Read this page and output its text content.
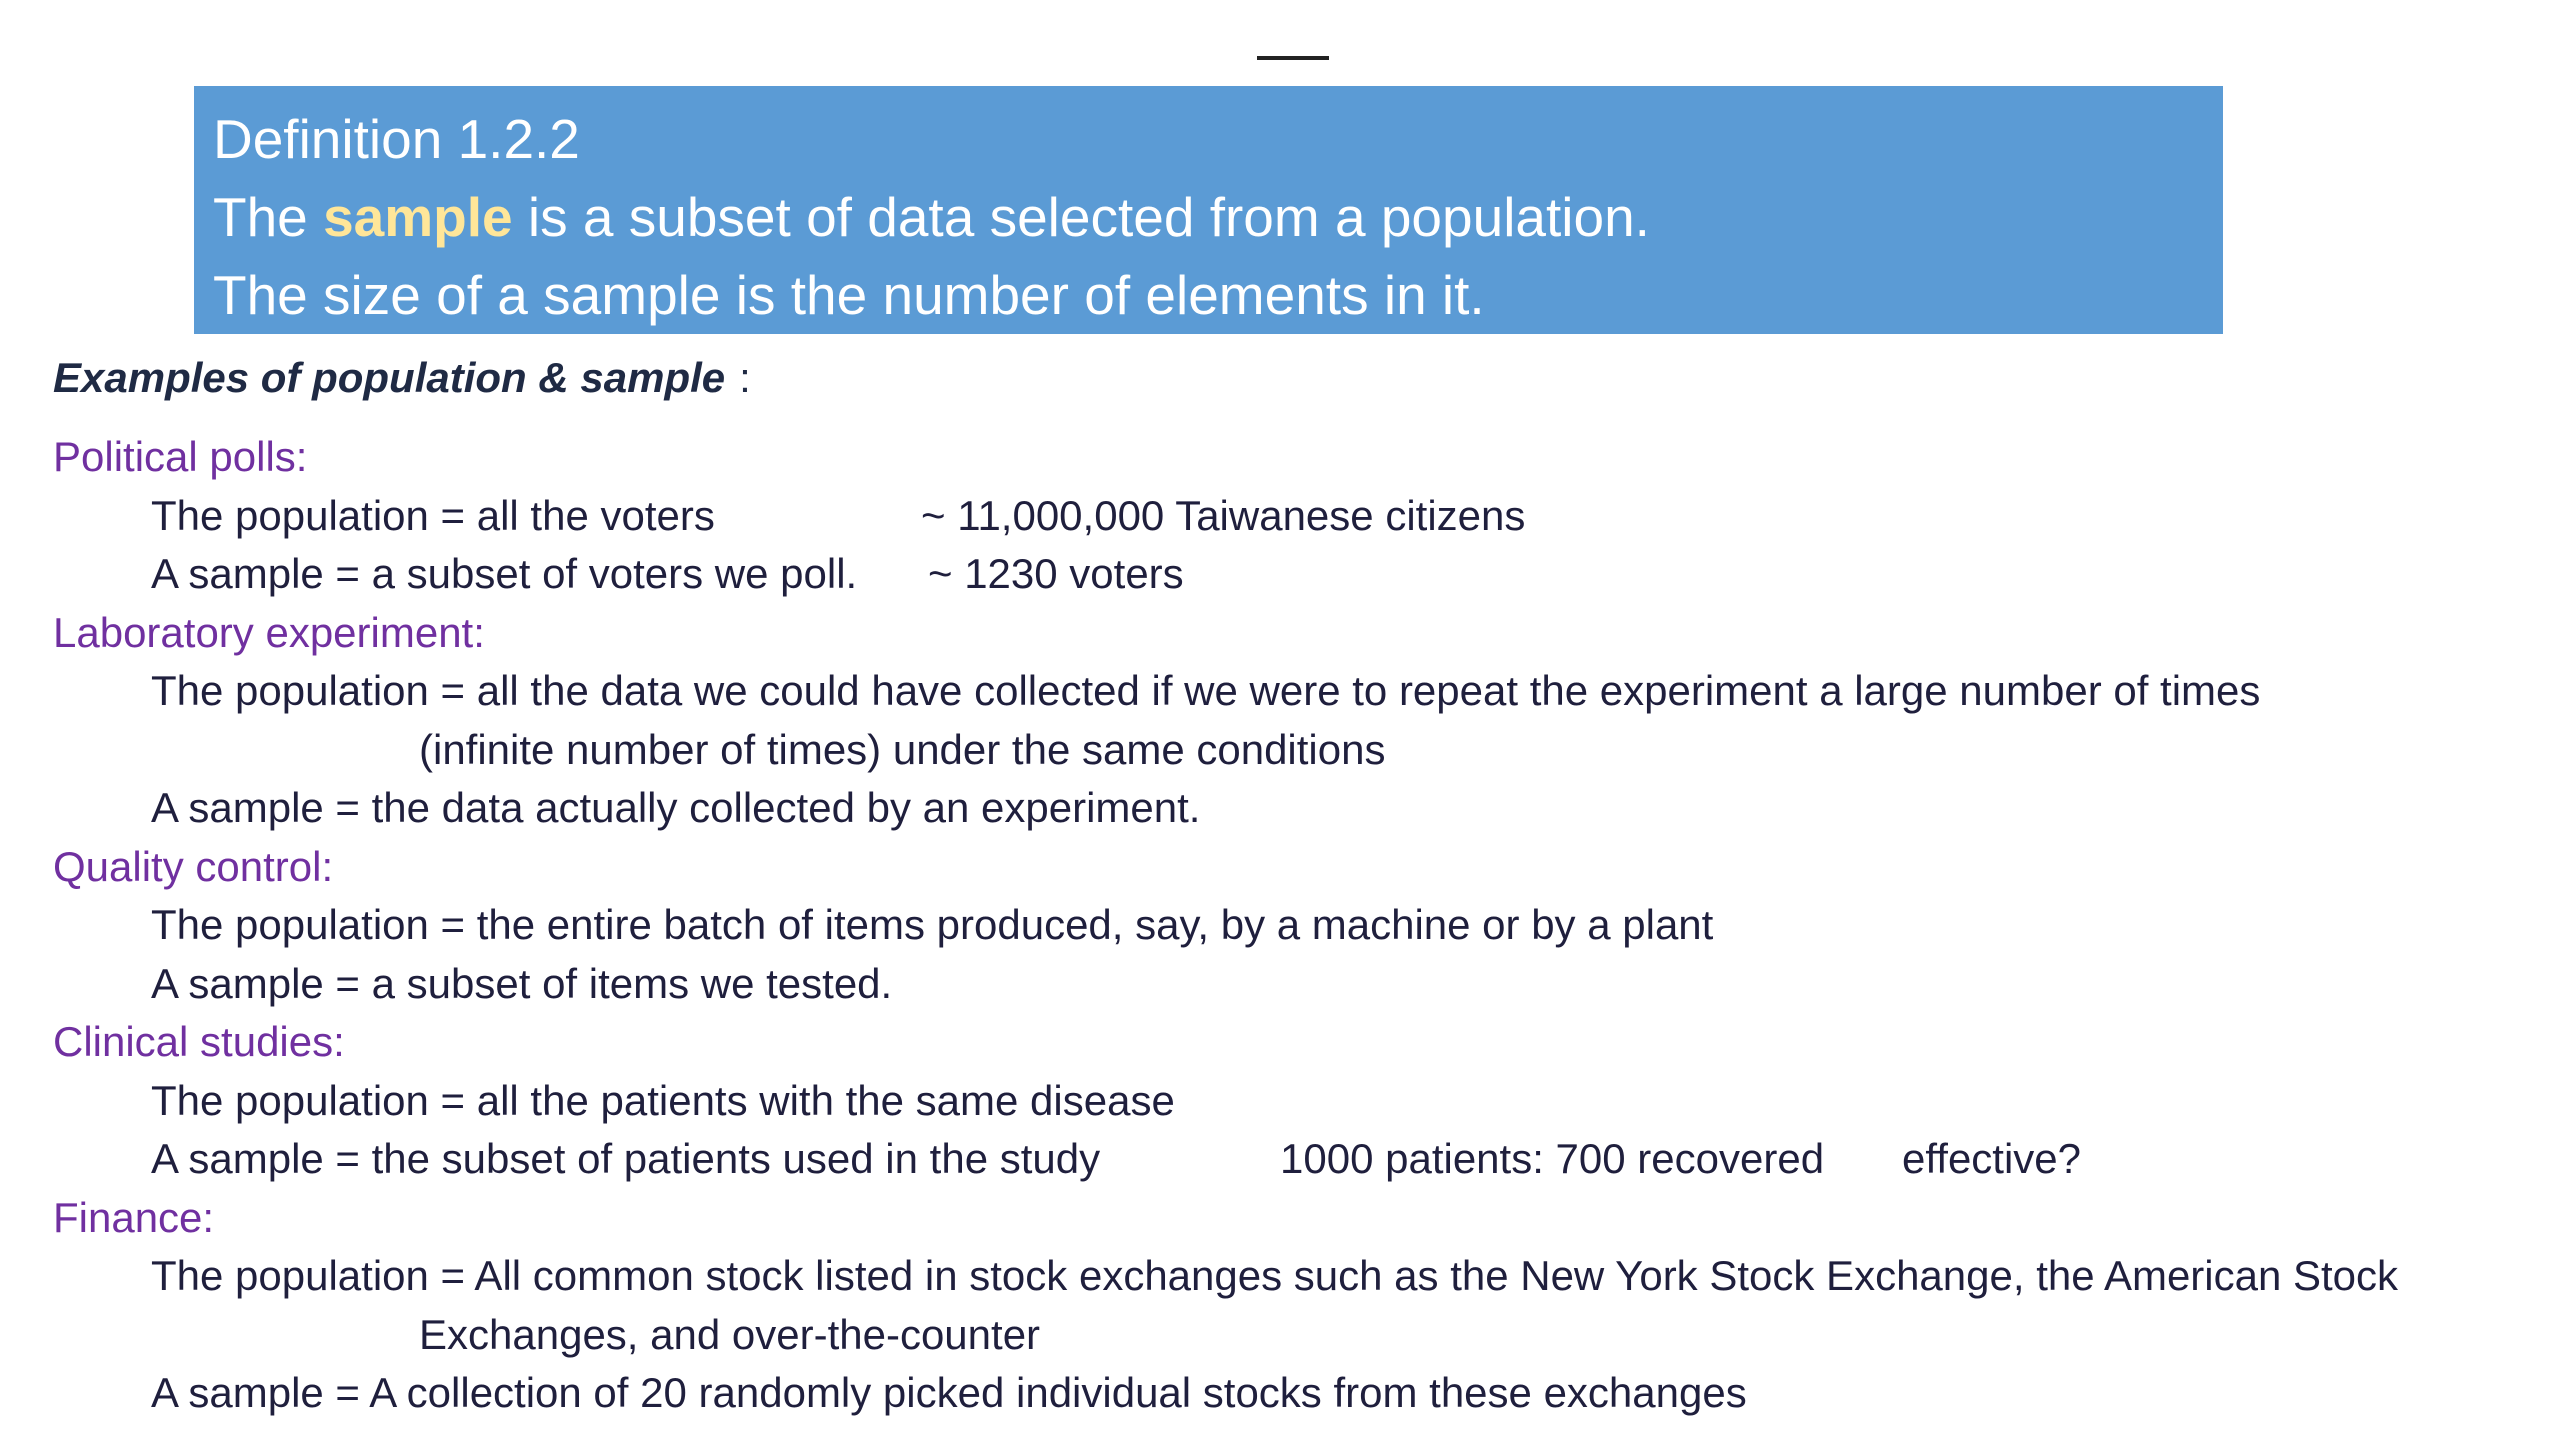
Definition 1.2.2
The sample is a subset of data selected from a population.
The size of a sample is the number of elements in it.
Examples of population & sample :
Political polls:
The population = all the voters	~ 11,000,000 Taiwanese citizens
A sample = a subset of voters we poll. ~ 1230 voters
Laboratory experiment:
The population = all the data we could have collected if we were to repeat the experiment a large number of times
(infinite number of times) under the same conditions
A sample = the data actually collected by an experiment.
Quality control:
The population = the entire batch of items produced, say, by a machine or by a plant
A sample = a subset of items we tested.
Clinical studies:
The population = all the patients with the same disease
A sample = the subset of patients used in the study	1000 patients: 700 recovered effective?
Finance:
The population = All common stock listed in stock exchanges such as the New York Stock Exchange, the American Stock
Exchanges, and over-the-counter
A sample = A collection of 20 randomly picked individual stocks from these exchanges
